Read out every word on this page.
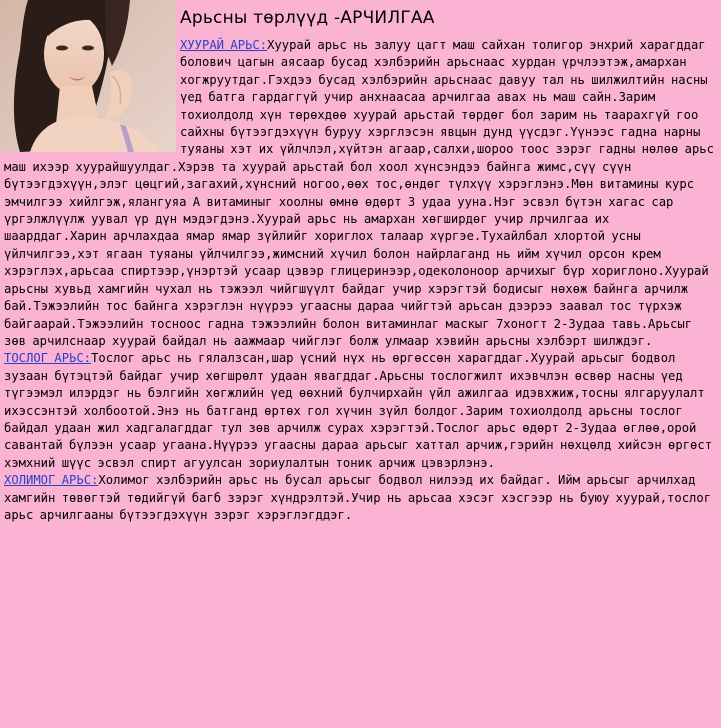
Арьсны төрлүүд -АРЧИЛГАА
ХУУРАЙ АРЬС:Хуурай арьс нь залуу цагт маш сайхан толигор энхрий харагддаг болович цагын аясаар бусад хэлбэрийн арьснаас хурдан үрчлээтэж,амархан хогжруутдаг.Гэхдээ бусад хэлбэрийн арьснаас давуу тал нь шилжилтийн насны үед батга гардаггүй учир анхнаасаа арчилгаа авах нь маш сайн.Зарим тохиолдолд хүн төрөхдөө хуурай арьстай төрдөг бол зарим нь таарахгүй гоо сайхны бүтээгдэхүүн буруу хэрглэсэн явцын дунд үүсдэг.Үүнээс гадна нарны туяаны хэт их үйлчлэл,хүйтэн агаар,салхи,шороо тоос зэрэг гадны нөлөө арьс маш ихээр хуурайшуулдаг.Хэрэв та хуурай арьстай бол хоол хүнсэндээ байнга жимс,сүү сүүн бүтээгдэхүүн,элэг цөцгий,загахий,хүнсний ногоо,өөх тос,өндөг түлхүү хэрэглэнэ.Мөн витамины курс эмчилгээ хийлгэж,ялангуяа А витаминыг хоолны өмнө өдөрт 3 удаа ууна.Нэг эсвэл бүтэн хагас сар үргэлжлүүлж уувал үр дүн мэдэгдэнэ.Хуурай арьс нь амархан хөгширдөг учир лрчилгаа их шаарддаг.Харин арчлахдаа ямар ямар зүйлийг хориглох талаар хүргэе.Тухайлбал хлортой усны үйлчилгээ,хэт ягаан туяаны үйлчилгээ,жимсний хүчил болон найрлаганд нь ийм хүчил орсон крем хэрэглэх,арьсаа спиртээр,үнэртэй усаар цэвэр глицеринээр,одеколоноор арчихыг бүр хориглоно.Хуурай арьсны хувьд хамгийн чухал нь тэжээл чийгшүүлт байдаг учир хэрэгтэй бодисыг нөхөж байнга арчилж бай.Тэжээлийн тос байнга хэрэглэн нүүрээ угаасны дараа чийгтэй арьсан дээрээ заавал тос түрхэж байгаарай.Тэжээлийн тосноос гадна тэжээлийн болон витаминлаг маскыг 7хоногт 2-3удаа тавь.Арьсыг зөв арчилснаар хуурай байдал нь аажмаар чийглэг болж улмаар хэвийн арьсны хэлбэрт шилждэг.
ТОСЛОГ АРЬС:Тослог арьс нь гялалзсан,шар үсний нүх нь өргөссөн харагддаг.Хуурай арьсыг бодвол зузаан бүтэцтэй байдаг учир хөгшрөлт удаан явагддаг.Арьсны тослогжилт ихэвчлэн өсвөр насны үед түгээмэл илэрдэг нь бэлгийн хөгжлийн үед өөхний булчирхайн үйл ажилгаа идэвхжиж,тосны ялгаруулалт ихэссэнтэй холбоотой.Энэ нь батганд өртөх гол хүчин зүйл болдог.Зарим тохиолдолд арьсны тослог байдал удаан жил хадгалагддаг тул зөв арчилж сурах хэрэгтэй.Тослог арьс өдөрт 2-3удаа өглөө,орой савантай бүлээн усаар угаана.Нүүрээ угаасны дараа арьсыг хаттал арчиж,гэрийн нөхцөлд хийсэн өргөст хэмхний шүүс эсвэл спирт агуулсан зориулалтын тоник арчиж цэвэрлэнэ.
ХОЛИМОГ АРЬС:Холимог хэлбэрийн арьс нь бусал арьсыг бодвол нилээд их байдаг. Ийм арьсыг арчилхад хамгийн төвөгтэй төдийгүй багб зэрэг хүндрэлтэй.Учир нь арьсаа хэсэг хэсгээр нь буюу хуурай,тослог арьс арчилгааны бүтээгдэхүүн зэрэг хэрэглэгддэг.
